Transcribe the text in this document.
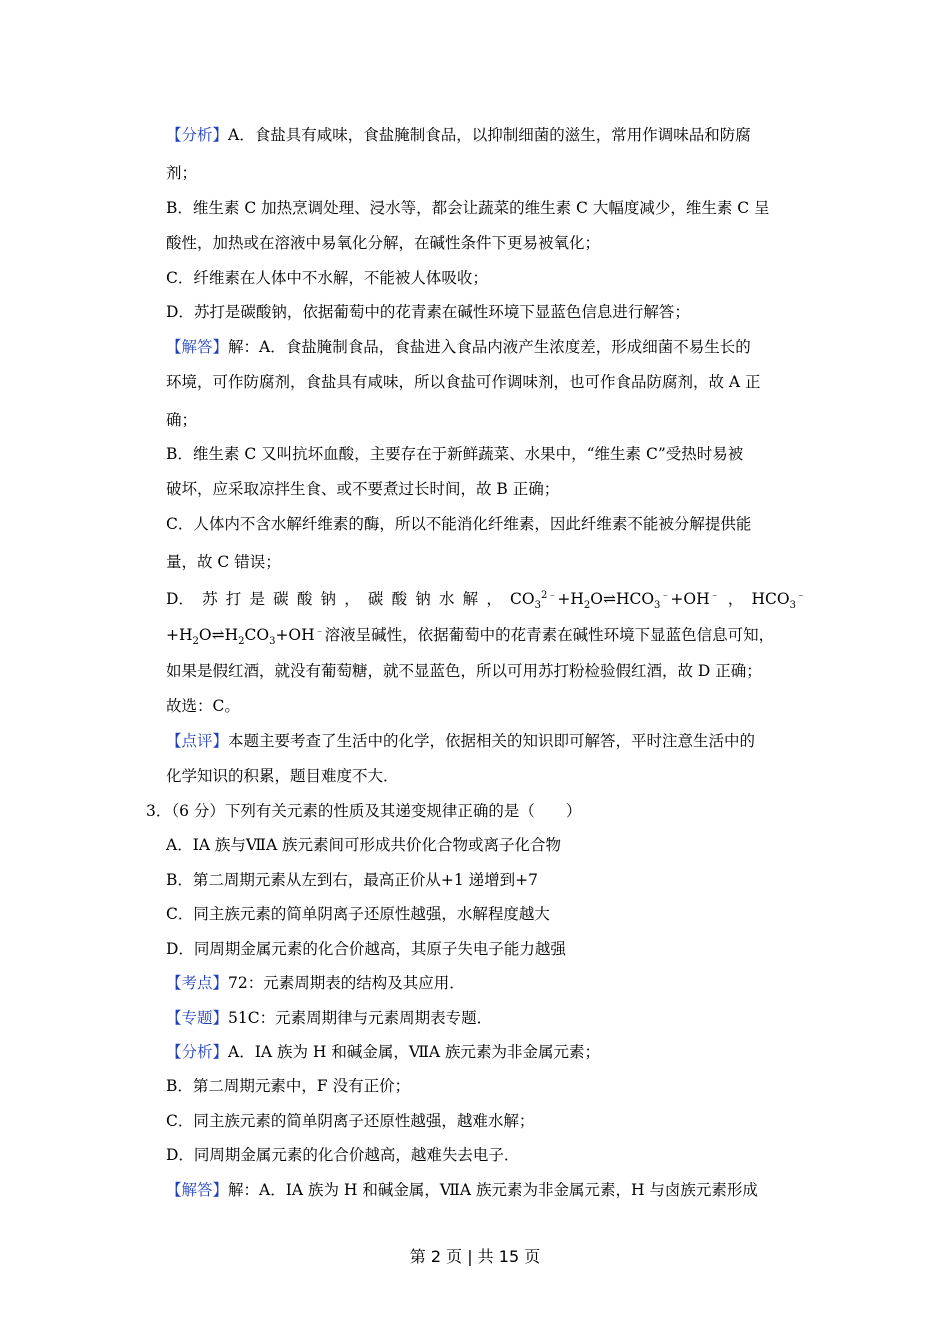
【分析】A．食盐具有咸味，食盐腌制食品，以抑制细菌的滋生，常用作调味品和防腐
剂；
B．维生素 C 加热烹调处理、浸水等，都会让蔬菜的维生素 C 大幅度减少，维生素 C 呈
酸性，加热或在溶液中易氧化分解，在碱性条件下更易被氧化；
C．纤维素在人体中不水解，不能被人体吸收；
D．苏打是碳酸钠，依据葡萄中的花青素在碱性环境下显蓝色信息进行解答；
【解答】解：A．食盐腌制食品，食盐进入食品内液产生浓度差，形成细菌不易生长的
环境，可作防腐剂，食盐具有咸味，所以食盐可作调味剂，也可作食品防腐剂，故 A 正
确；
B．维生素 C 又叫抗坏血酸，主要存在于新鲜蔬菜、水果中，“维生素 C”受热时易被
破坏，应采取凉拌生食、或不要煮过长时间，故 B 正确；
C．人体内不含水解纤维素的酶，所以不能消化纤维素，因此纤维素不能被分解提供能
量，故 C 错误；
D． 苏 打 是 碳 酸 钠 ， 碳 酸 钠 水 解 ， $CO_3^{2﹣}+H_2O\rightleftharpoons HCO_3^﹣+OH^﹣$ ， $HCO_3^﹣$
$+H_2O\rightleftharpoons H_2CO_3+OH^﹣$溶液呈碱性，依据葡萄中的花青素在碱性环境下显蓝色信息可知，
如果是假红酒，就没有葡萄糖，就不显蓝色，所以可用苏打粉检验假红酒，故 D 正确；
故选：C。
【点评】本题主要考查了生活中的化学，依据相关的知识即可解答，平时注意生活中的
化学知识的积累，题目难度不大．
3．（6 分）下列有关元素的性质及其递变规律正确的是（　　）
A．ⅠA 族与ⅦA 族元素间可形成共价化合物或离子化合物
B．第二周期元素从左到右，最高正价从+1 递增到+7
C．同主族元素的简单阴离子还原性越强，水解程度越大
D．同周期金属元素的化合价越高，其原子失电子能力越强
【考点】72：元素周期表的结构及其应用．
【专题】51C：元素周期律与元素周期表专题．
【分析】A．ⅠA 族为 H 和碱金属，ⅦA 族元素为非金属元素；
B．第二周期元素中，F 没有正价；
C．同主族元素的简单阴离子还原性越强，越难水解；
D．同周期金属元素的化合价越高，越难失去电子．
【解答】解：A．ⅠA 族为 H 和碱金属，ⅦA 族元素为非金属元素，H 与卤族元素形成
第 2 页 | 共 15 页
